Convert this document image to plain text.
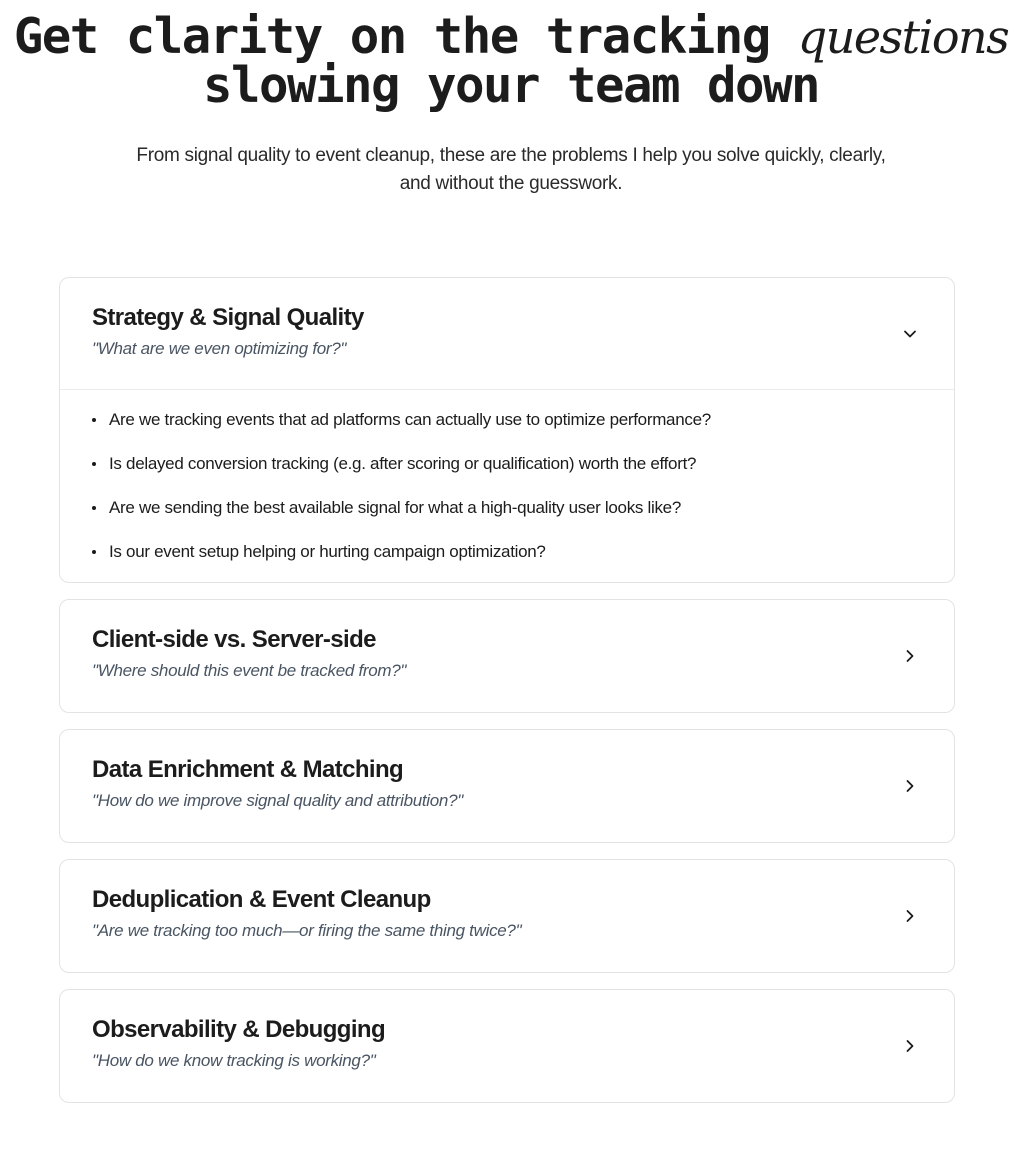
Get clarity on the tracking questions
slowing your team down

From signal quality to event cleanup, these are the problems I help you solve quickly, clearly, and without the guesswork.

Strategy & Signal Quality
"What are we even optimizing for?"
Are we tracking events that ad platforms can actually use to optimize performance?
Is delayed conversion tracking (e.g. after scoring or qualification) worth the effort?
Are we sending the best available signal for what a high-quality user looks like?
Is our event setup helping or hurting campaign optimization?
Client-side vs. Server-side
"Where should this event be tracked from?"
Data Enrichment & Matching
"How do we improve signal quality and attribution?"
Deduplication & Event Cleanup
"Are we tracking too much—or firing the same thing twice?"
Observability & Debugging
"How do we know tracking is working?"
